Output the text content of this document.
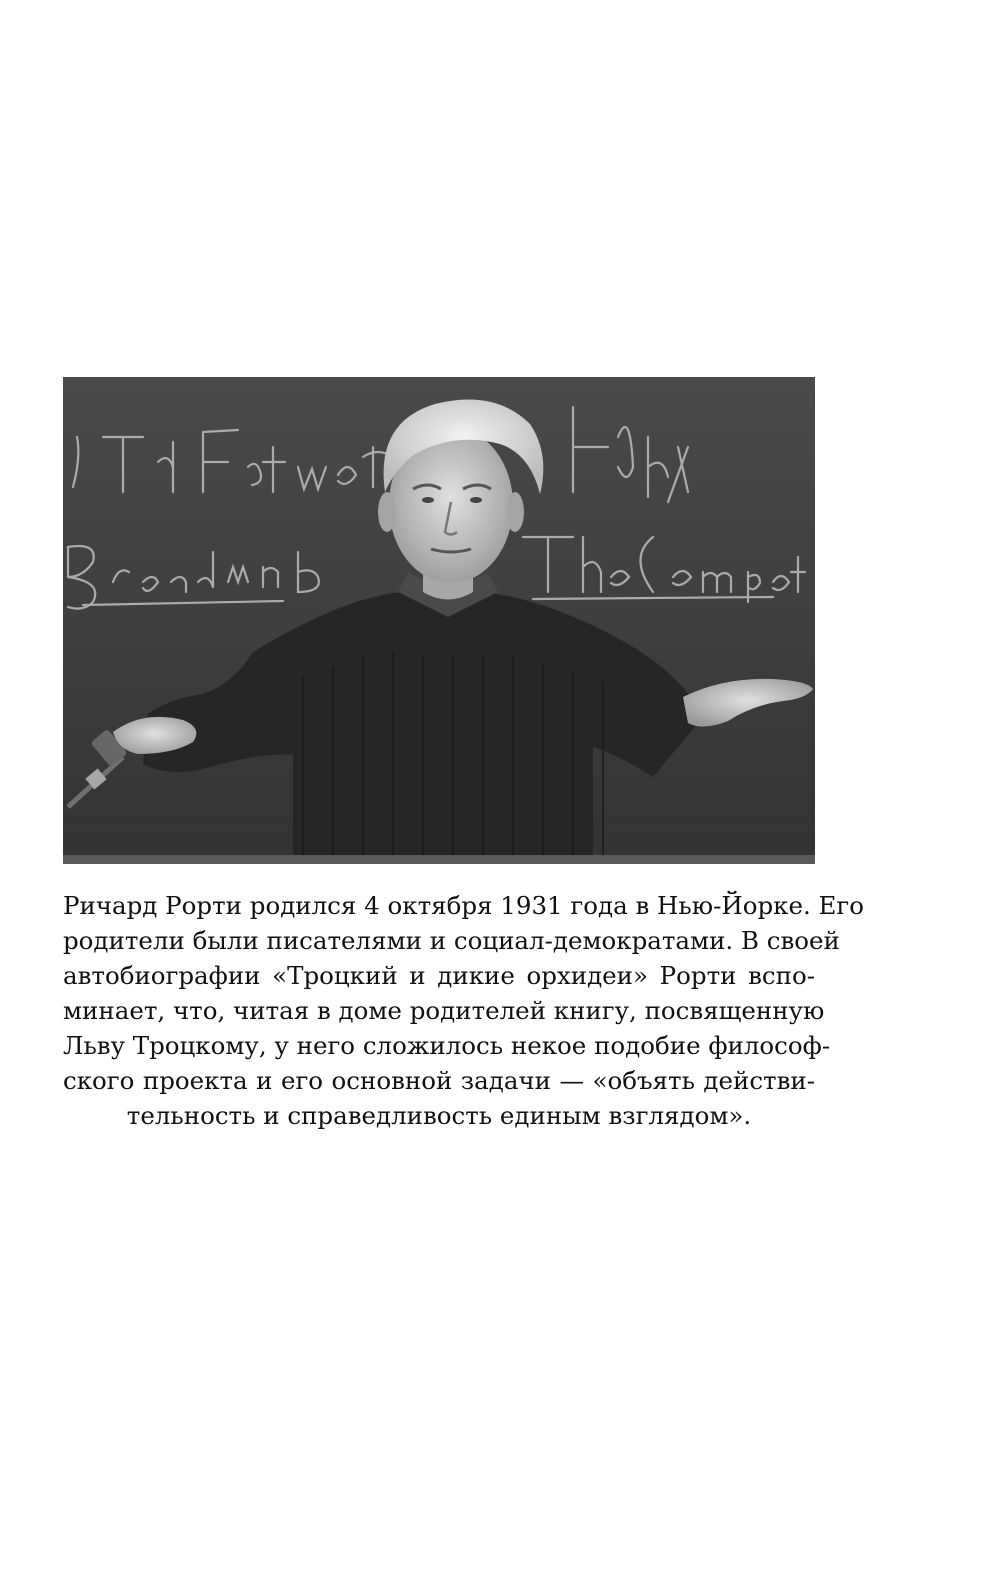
Ричард Рорти родился 4 октября 1931 года в Нью-Йорке. Его
родители были писателями и социал-демократами. В своей
автобиографии «Троцкий и дикие орхидеи» Рорти вспо-
минает, что, читая в доме родителей книгу, посвященную
Льву Троцкому, у него сложилось некое подобие философ-
ского проекта и его основной задачи — «объять действи-
тельность и справедливость единым взглядом».
